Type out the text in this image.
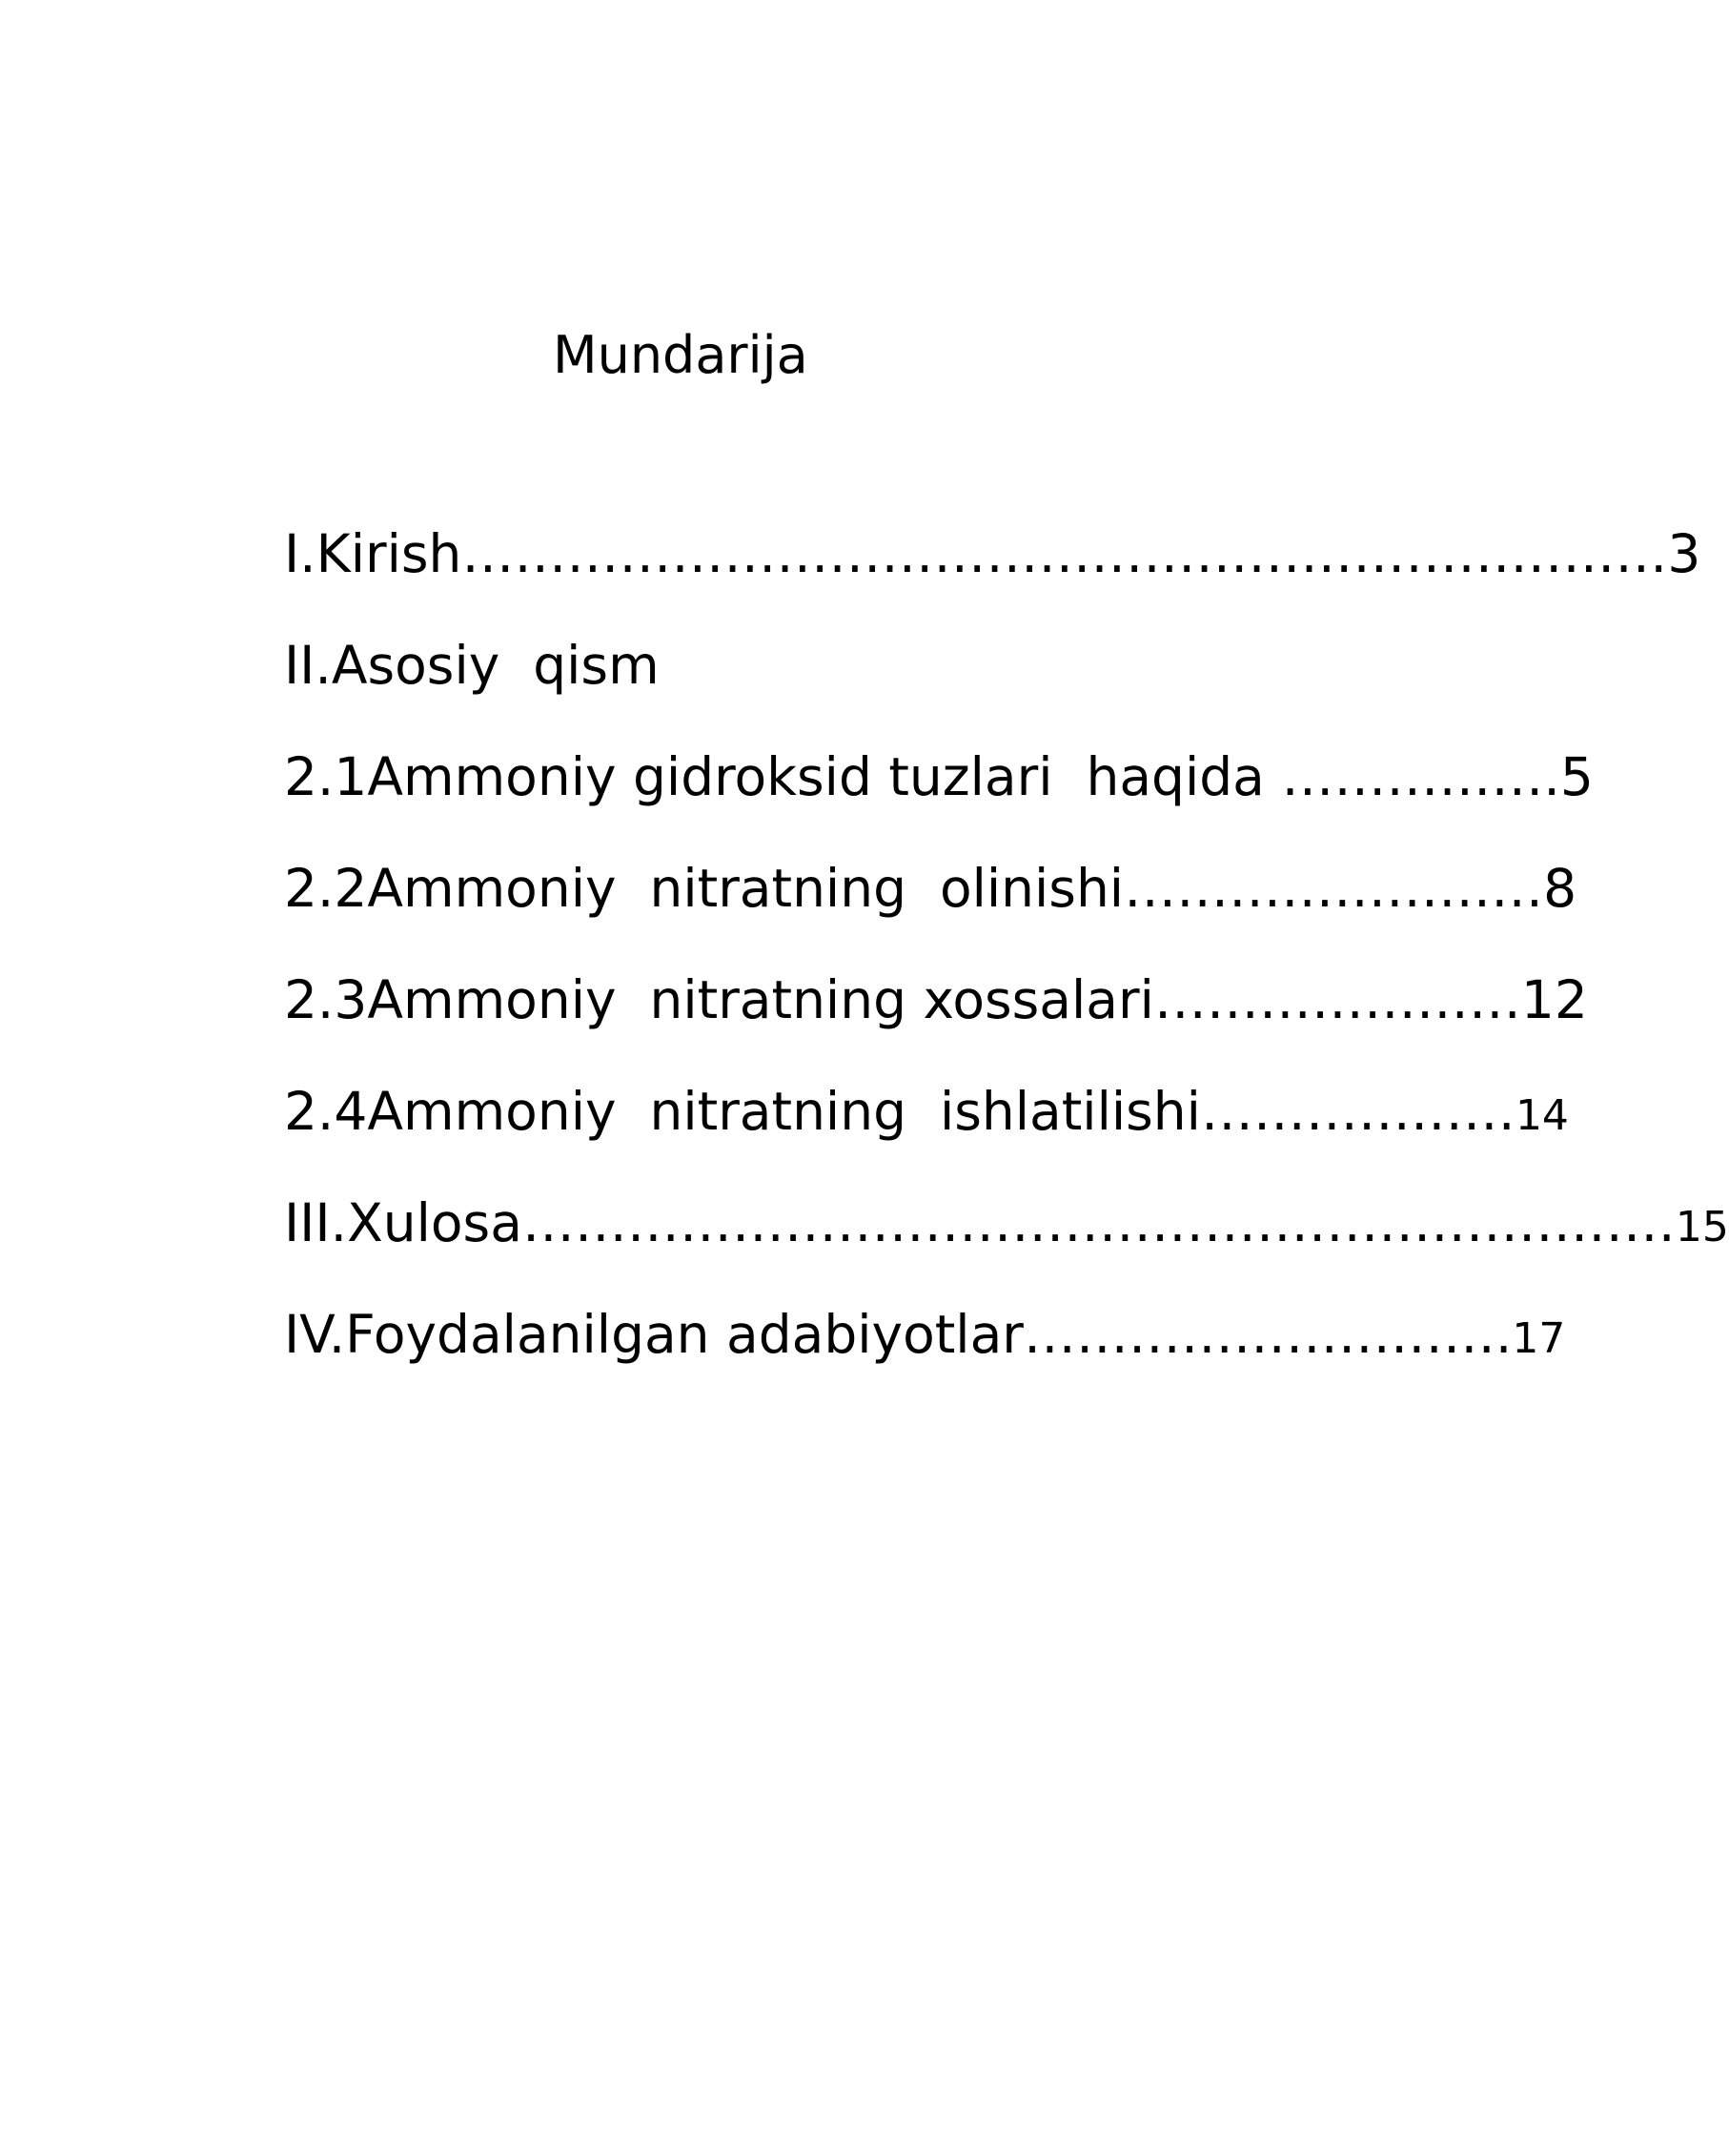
Mundarija

I.Kirish……………………………………………………………3

II.Asosiy  qism

2.1Ammoniy gidroksid tuzlari  haqida …………….5

2.2Ammoniy  nitratning  olinishi……………………8

2.3Ammoniy  nitratning xossalari…………………12

2.4Ammoniy  nitratning  ishlatilishi………………14

III.Xulosa…………………………………………………………15

IV.Foydalanilgan adabiyotlar……………………….17
